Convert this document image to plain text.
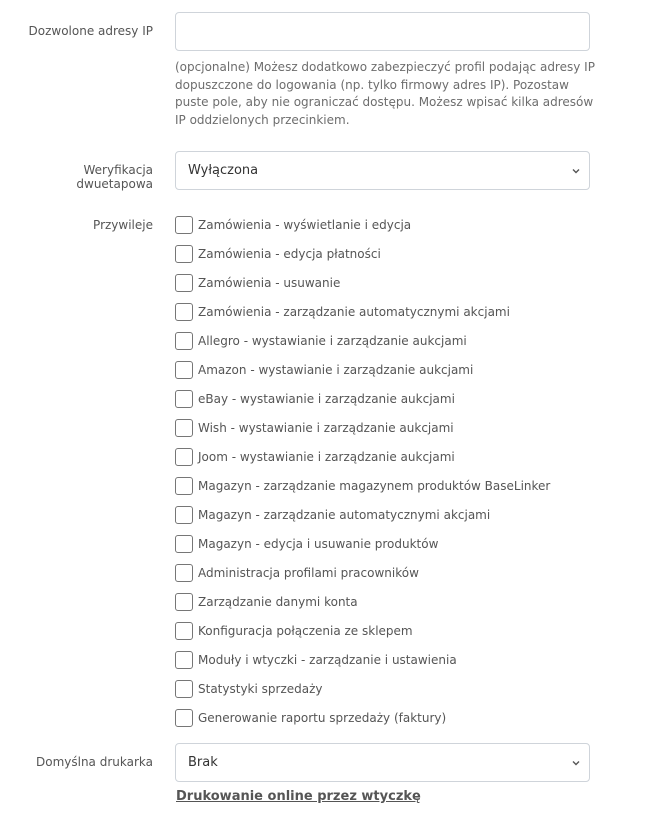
Dozwolone adresy IP
(opcjonalne) Możesz dodatkowo zabezpieczyć profil podając adresy IP dopuszczone do logowania (np. tylko firmowy adres IP). Pozostaw puste pole, aby nie ograniczać dostępu. Możesz wpisać kilka adresów IP oddzielonych przecinkiem.
Weryfikacja
dwuetapowa
Wyłączona
Przywileje	Zamówienia - wyświetlanie i edycja
Zamówienia - edycja płatności
Zamówienia - usuwanie
Zamówienia - zarządzanie automatycznymi akcjami
Allegro - wystawianie i zarządzanie aukcjami
Amazon - wystawianie i zarządzanie aukcjami
eBay - wystawianie i zarządzanie aukcjami
Wish - wystawianie i zarządzanie aukcjami
Joom - wystawianie i zarządzanie aukcjami
Magazyn - zarządzanie magazynem produktów BaseLinker
Magazyn - zarządzanie automatycznymi akcjami
Magazyn - edycja i usuwanie produktów
Administracja profilami pracowników
Zarządzanie danymi konta
Konfiguracja połączenia ze sklepem
Moduły i wtyczki - zarządzanie i ustawienia
Statystyki sprzedaży
Generowanie raportu sprzedaży (faktury)
Domyślna drukarka	Brak
Drukowanie online przez wtyczkę
